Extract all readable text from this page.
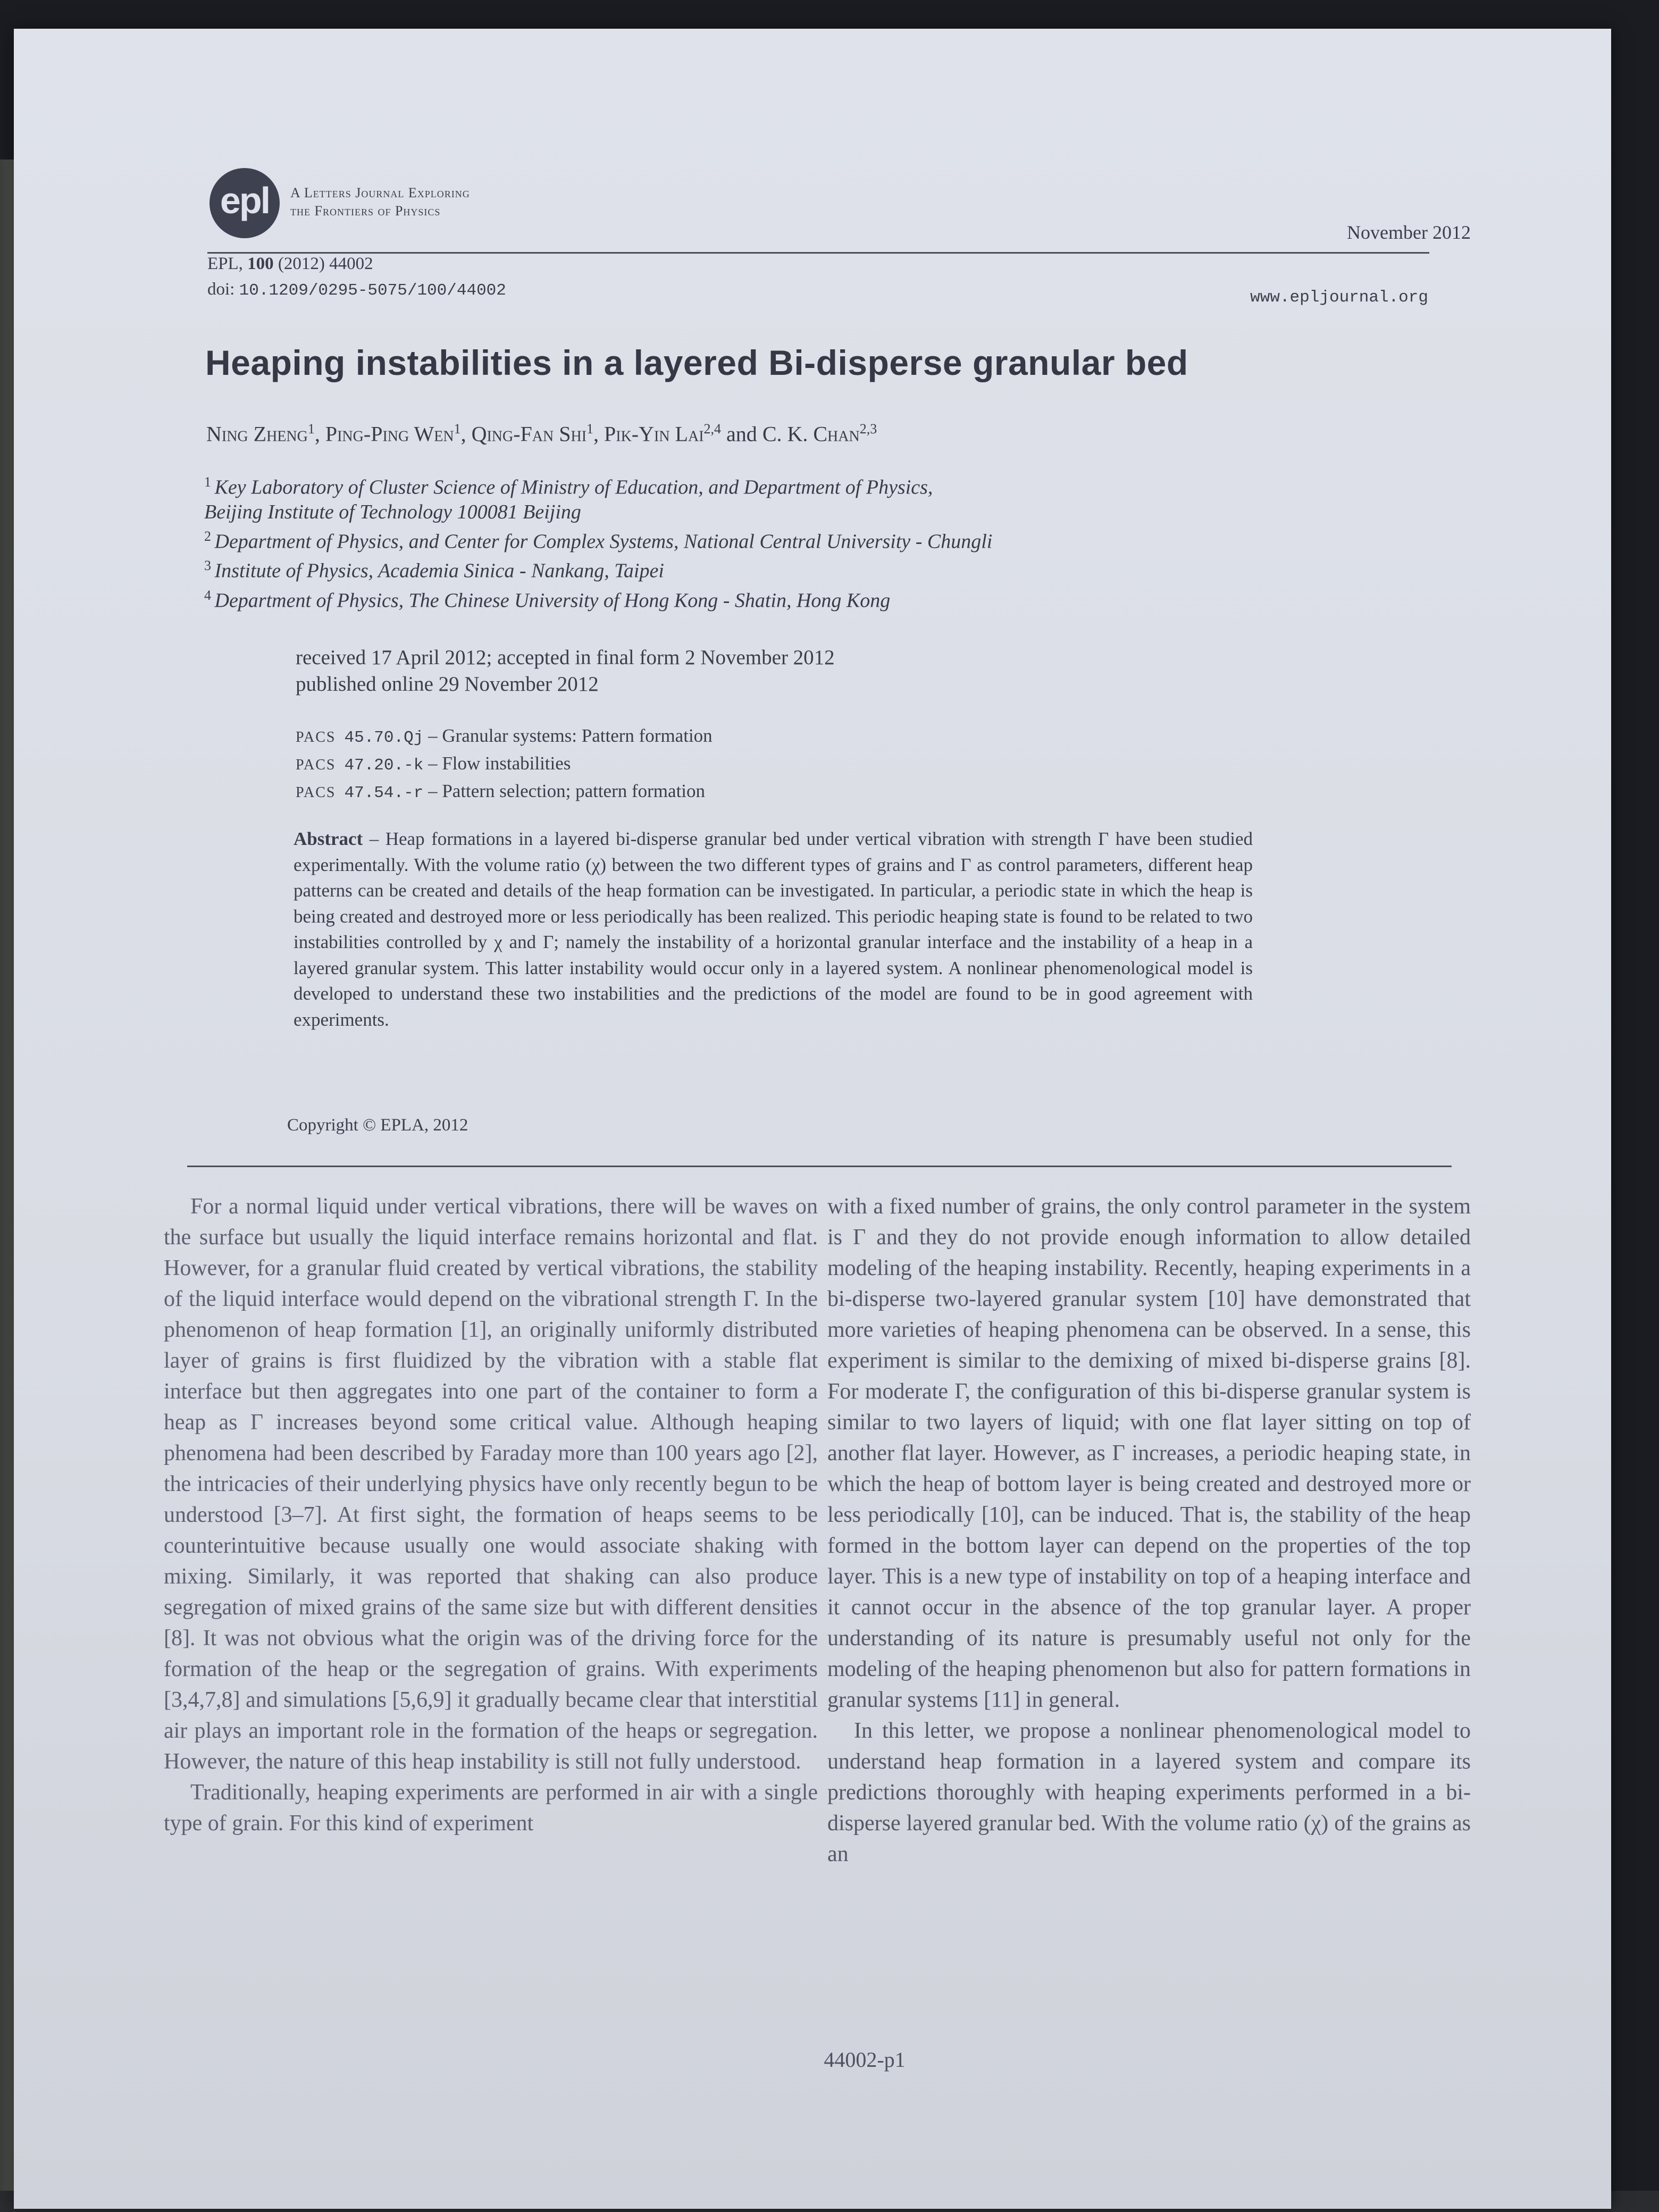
epl	A Letters Journal Exploring
the Frontiers of Physics
November 2012
EPL, 100 (2012) 44002
doi: 10.1209/0295-5075/100/44002	www.epljournal.org
Heaping instabilities in a layered Bi-disperse granular bed
Ning Zheng$^1$, Ping-Ping Wen$^1$, Qing-Fan Shi$^1$, Pik-Yin Lai$^{2,4}$ and C. K. Chan$^{2,3}$
$^1$ Key Laboratory of Cluster Science of Ministry of Education, and Department of Physics,
Beijing Institute of Technology 100081 Beijing
$^2$ Department of Physics, and Center for Complex Systems, National Central University - Chungli
$^3$ Institute of Physics, Academia Sinica - Nankang, Taipei
$^4$ Department of Physics, The Chinese University of Hong Kong - Shatin, Hong Kong
received 17 April 2012; accepted in final form 2 November 2012
published online 29 November 2012
PACS 45.70.Qj – Granular systems: Pattern formation
PACS 47.20.-k – Flow instabilities
PACS 47.54.-r – Pattern selection; pattern formation
Abstract – Heap formations in a layered bi-disperse granular bed under vertical vibration with strength Γ have been studied experimentally. With the volume ratio (χ) between the two different types of grains and Γ as control parameters, different heap patterns can be created and details of the heap formation can be investigated. In particular, a periodic state in which the heap is being created and destroyed more or less periodically has been realized. This periodic heaping state is found to be related to two instabilities controlled by χ and Γ; namely the instability of a horizontal granular interface and the instability of a heap in a layered granular system. This latter instability would occur only in a layered system. A nonlinear phenomenological model is developed to understand these two instabilities and the predictions of the model are found to be in good agreement with experiments.
Copyright © EPLA, 2012

For a normal liquid under vertical vibrations, there will be waves on the surface but usually the liquid interface remains horizontal and flat. However, for a granular fluid created by vertical vibrations, the stability of the liquid interface would depend on the vibrational strength Γ. In the phenomenon of heap formation [1], an originally uniformly distributed layer of grains is first fluidized by the vibration with a stable flat interface but then aggregates into one part of the container to form a heap as Γ increases beyond some critical value. Although heaping phenomena had been described by Faraday more than 100 years ago [2], the intricacies of their underlying physics have only recently begun to be understood [3–7]. At first sight, the formation of heaps seems to be counterintuitive because usually one would associate shaking with mixing. Similarly, it was reported that shaking can also produce segregation of mixed grains of the same size but with different densities [8]. It was not obvious what the origin was of the driving force for the formation of the heap or the segregation of grains. With experiments [3,4,7,8] and simulations [5,6,9] it gradually became clear that interstitial air plays an important role in the formation of the heaps or segregation. However, the nature of this heap instability is still not fully understood.

Traditionally, heaping experiments are performed in air with a single type of grain. For this kind of experiment

with a fixed number of grains, the only control parameter in the system is Γ and they do not provide enough information to allow detailed modeling of the heaping instability. Recently, heaping experiments in a bi-disperse two-layered granular system [10] have demonstrated that more varieties of heaping phenomena can be observed. In a sense, this experiment is similar to the demixing of mixed bi-disperse grains [8]. For moderate Γ, the configuration of this bi-disperse granular system is similar to two layers of liquid; with one flat layer sitting on top of another flat layer. However, as Γ increases, a periodic heaping state, in which the heap of bottom layer is being created and destroyed more or less periodically [10], can be induced. That is, the stability of the heap formed in the bottom layer can depend on the properties of the top layer. This is a new type of instability on top of a heaping interface and it cannot occur in the absence of the top granular layer. A proper understanding of its nature is presumably useful not only for the modeling of the heaping phenomenon but also for pattern formations in granular systems [11] in general.

In this letter, we propose a nonlinear phenomenological model to understand heap formation in a layered system and compare its predictions thoroughly with heaping experiments performed in a bi-disperse layered granular bed. With the volume ratio (χ) of the grains as an

44002-p1
